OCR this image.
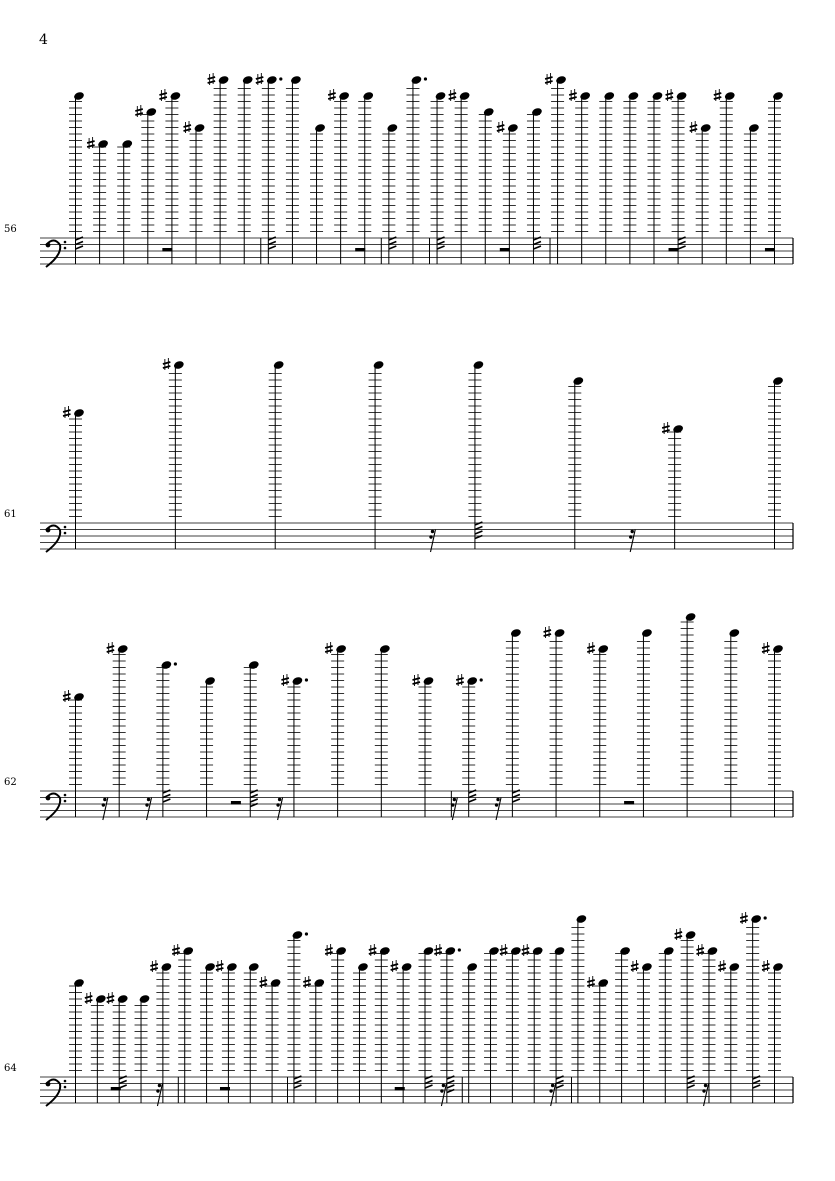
4
56
61
62
64
